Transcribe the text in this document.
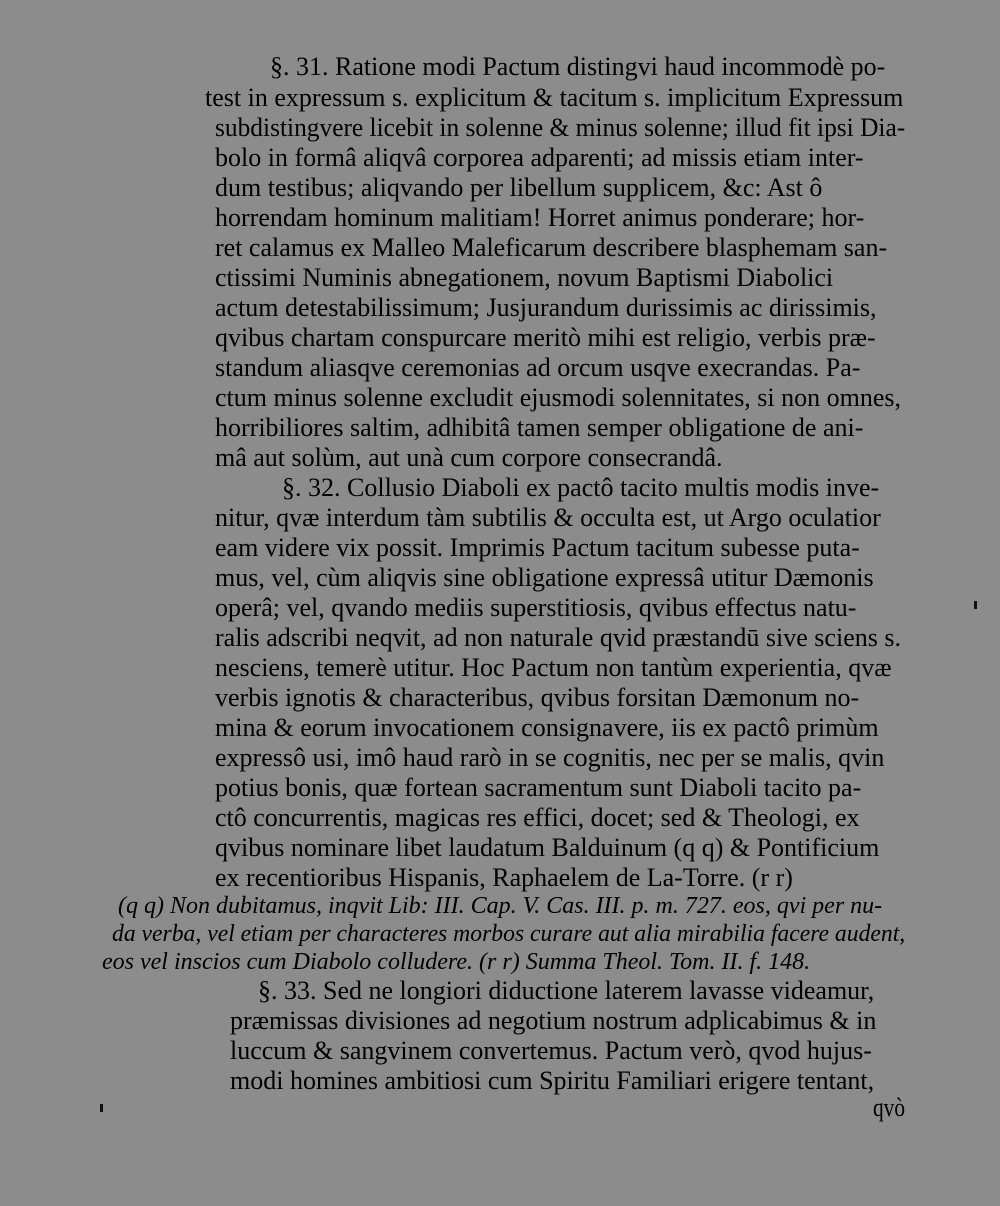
§. 31. Ratione modi Pactum distingvi haud incommodè po-
test in expressum s. explicitum & tacitum s. implicitum Expressum
subdistingvere licebit in solenne & minus solenne; illud fit ipsi Dia-
bolo in formâ aliqvâ corporea adparenti; ad missis etiam inter-
dum testibus; aliqvando per libellum supplicem, &c: Ast ô
horrendam hominum malitiam! Horret animus ponderare; hor-
ret calamus ex Malleo Maleficarum describere blasphemam san-
ctissimi Numinis abnegationem, novum Baptismi Diabolici
actum detestabilissimum; Jusjurandum durissimis ac dirissimis,
qvibus chartam conspurcare meritò mihi est religio, verbis præ-
standum aliasqve ceremonias ad orcum usqve execrandas. Pa-
ctum minus solenne excludit ejusmodi solennitates, si non omnes,
horribiliores saltim, adhibitâ tamen semper obligatione de ani-
mâ aut solùm, aut unà cum corpore consecrandâ.
§. 32. Collusio Diaboli ex pactô tacito multis modis inve-
nitur, qvæ interdum tàm subtilis & occulta est, ut Argo oculatior
eam videre vix possit. Imprimis Pactum tacitum subesse puta-
mus, vel, cùm aliqvis sine obligatione expressâ utitur Dæmonis
operâ; vel, qvando mediis superstitiosis, qvibus effectus natu-
ralis adscribi neqvit, ad non naturale qvid præstandū sive sciens s.
nesciens, temerè utitur. Hoc Pactum non tantùm experientia, qvæ
verbis ignotis & characteribus, qvibus forsitan Dæmonum no-
mina & eorum invocationem consignavere, iis ex pactô primùm
expressô usi, imô haud rarò in se cognitis, nec per se malis, qvin
potius bonis, quæ fortean sacramentum sunt Diaboli tacito pa-
ctô concurrentis, magicas res effici, docet; sed & Theologi, ex
qvibus nominare libet laudatum Balduinum (q q) & Pontificium
ex recentioribus Hispanis, Raphaelem de La-Torre. (r r)
(q q) Non dubitamus, inqvit Lib: III. Cap. V. Cas. III. p. m. 727. eos, qvi per nu-
da verba, vel etiam per characteres morbos curare aut alia mirabilia facere audent,
eos vel inscios cum Diabolo colludere. (r r) Summa Theol. Tom. II. f. 148.
§. 33. Sed ne longiori diductione laterem lavasse videamur,
præmissas divisiones ad negotium nostrum adplicabimus & in
luccum & sangvinem convertemus. Pactum verò, qvod hujus-
modi homines ambitiosi cum Spiritu Familiari erigere tentant,
qvò
